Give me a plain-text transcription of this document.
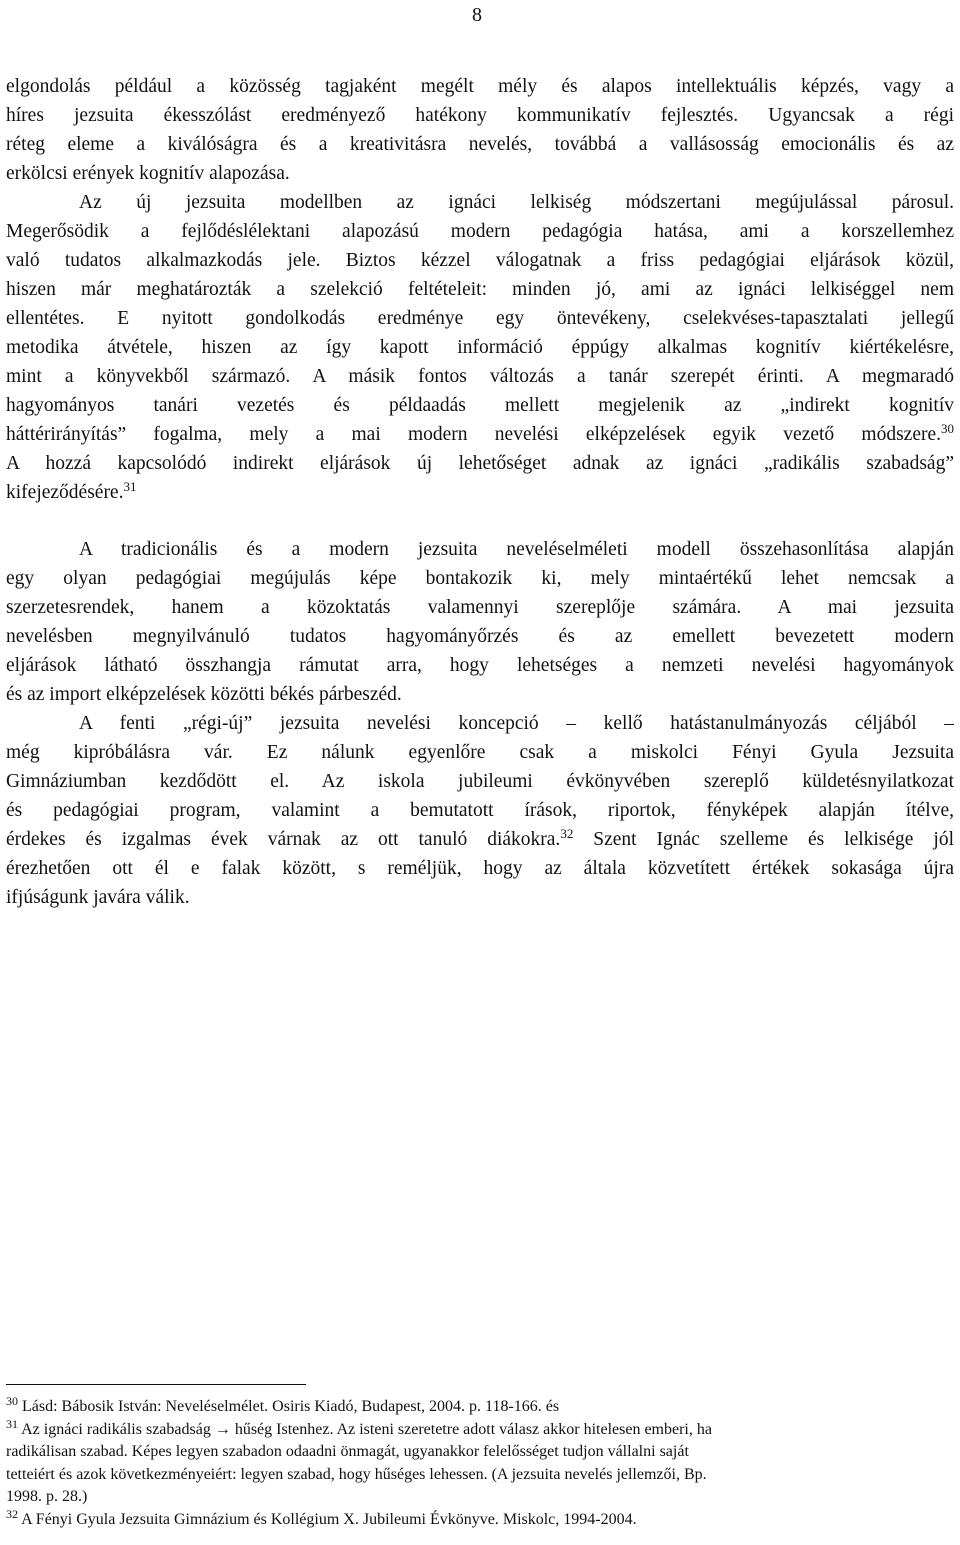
8
elgondolás például a közösség tagjaként megélt mély és alapos intellektuális képzés, vagy a
híres jezsuita ékesszólást eredményező hatékony kommunikatív fejlesztés. Ugyancsak a régi
réteg eleme a kiválóságra és a kreativitásra nevelés, továbbá a vallásosság emocionális és az
erkölcsi erények kognitív alapozása.
Az új jezsuita modellben az ignáci lelkiség módszertani megújulással párosul.
Megerősödik a fejlődéslélektani alapozású modern pedagógia hatása, ami a korszellemhez
való tudatos alkalmazkodás jele. Biztos kézzel válogatnak a friss pedagógiai eljárások közül,
hiszen már meghatározták a szelekció feltételeit: minden jó, ami az ignáci lelkiséggel nem
ellentétes. E nyitott gondolkodás eredménye egy öntevékeny, cselekvéses-tapasztalati jellegű
metodika átvétele, hiszen az így kapott információ éppúgy alkalmas kognitív kiértékelésre,
mint a könyvekből származó. A másik fontos változás a tanár szerepét érinti. A megmaradó
hagyományos tanári vezetés és példaadás mellett megjelenik az „indirekt kognitív
háttérirányítás” fogalma, mely a mai modern nevelési elképzelések egyik vezető módszere.$^{30}$
A hozzá kapcsolódó indirekt eljárások új lehetőséget adnak az ignáci „radikális szabadság”
kifejeződésére.$^{31}$
A tradicionális és a modern jezsuita neveléselméleti modell összehasonlítása alapján
egy olyan pedagógiai megújulás képe bontakozik ki, mely mintaértékű lehet nemcsak a
szerzetesrendek, hanem a közoktatás valamennyi szereplője számára. A mai jezsuita
nevelésben megnyilvánuló tudatos hagyományőrzés és az emellett bevezetett modern
eljárások látható összhangja rámutat arra, hogy lehetséges a nemzeti nevelési hagyományok
és az import elképzelések közötti békés párbeszéd.
A fenti „régi-új” jezsuita nevelési koncepció – kellő hatástanulmányozás céljából –
még kipróbálásra vár. Ez nálunk egyenlőre csak a miskolci Fényi Gyula Jezsuita
Gimnáziumban kezdődött el. Az iskola jubileumi évkönyvében szereplő küldetésnyilatkozat
és pedagógiai program, valamint a bemutatott írások, riportok, fényképek alapján ítélve,
érdekes és izgalmas évek várnak az ott tanuló diákokra.$^{32}$ Szent Ignác szelleme és lelkisége jól
érezhetően ott él e falak között, s reméljük, hogy az általa közvetített értékek sokasága újra
ifjúságunk javára válik.
$^{30}$ Lásd: Bábosik István: Neveléselmélet. Osiris Kiadó, Budapest, 2004. p. 118-166. és
$^{31}$ Az ignáci radikális szabadság → hűség Istenhez. Az isteni szeretetre adott válasz akkor hitelesen emberi, ha
radikálisan szabad. Képes legyen szabadon odaadni önmagát, ugyanakkor felelősséget tudjon vállalni saját
tetteiért és azok következményeiért: legyen szabad, hogy hűséges lehessen. (A jezsuita nevelés jellemzői, Bp.
1998. p. 28.)
$^{32}$ A Fényi Gyula Jezsuita Gimnázium és Kollégium X. Jubileumi Évkönyve. Miskolc, 1994-2004.
